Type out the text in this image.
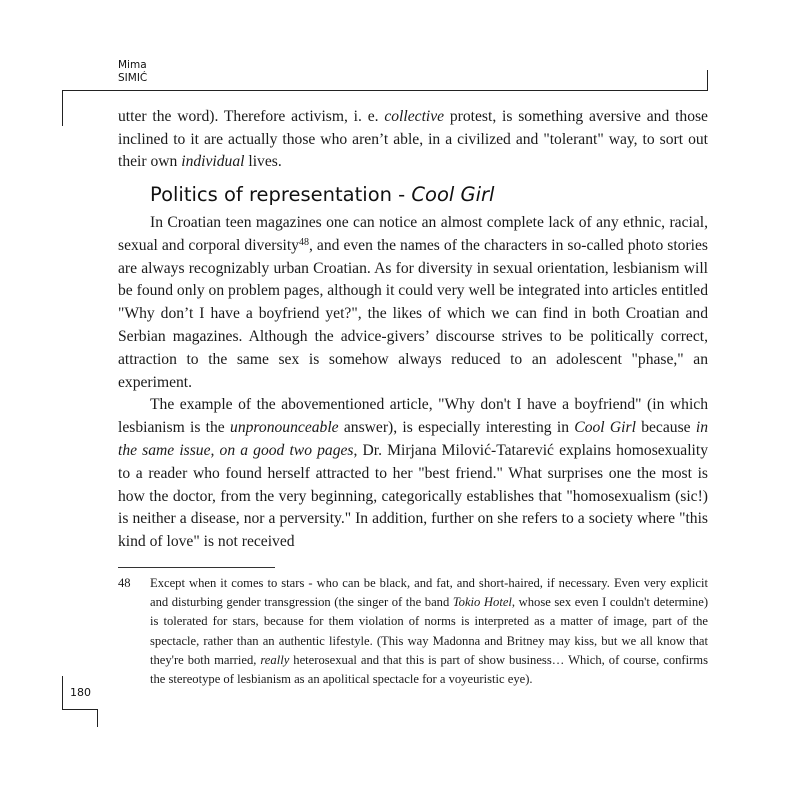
Mima
SIMIĆ

utter the word). Therefore activism, i. e. collective protest, is something aversive and those inclined to it are actually those who aren’t able, in a civilized and "tolerant" way, to sort out their own individual lives.

Politics of representation - Cool Girl

In Croatian teen magazines one can notice an almost complete lack of any ethnic, racial, sexual and corporal diversity$^{48}$, and even the names of the characters in so-called photo stories are always recognizably urban Croatian. As for diversity in sexual orientation, lesbianism will be found only on problem pages, although it could very well be integrated into articles entitled "Why don’t I have a boyfriend yet?", the likes of which we can find in both Croatian and Serbian magazines. Although the advice-givers’ discourse strives to be politically correct, attraction to the same sex is somehow always reduced to an adolescent "phase," an experiment.

The example of the abovementioned article, "Why don't I have a boyfriend" (in which lesbianism is the unpronounceable answer), is especially interesting in Cool Girl because in the same issue, on a good two pages, Dr. Mirjana Milović-Tatarević explains homosexuality to a reader who found herself attracted to her "best friend." What surprises one the most is how the doctor, from the very beginning, categorically establishes that "homosexualism (sic!) is neither a disease, nor a perversity." In addition, further on she refers to a society where "this kind of love" is not received

48 Except when it comes to stars - who can be black, and fat, and short-haired, if necessary. Even very explicit and disturbing gender transgression (the singer of the band Tokio Hotel, whose sex even I couldn't determine) is tolerated for stars, because for them violation of norms is interpreted as a matter of image, part of the spectacle, rather than an authentic lifestyle. (This way Madonna and Britney may kiss, but we all know that they're both married, really heterosexual and that this is part of show business… Which, of course, confirms the stereotype of lesbianism as an apolitical spectacle for a voyeuristic eye).
180
